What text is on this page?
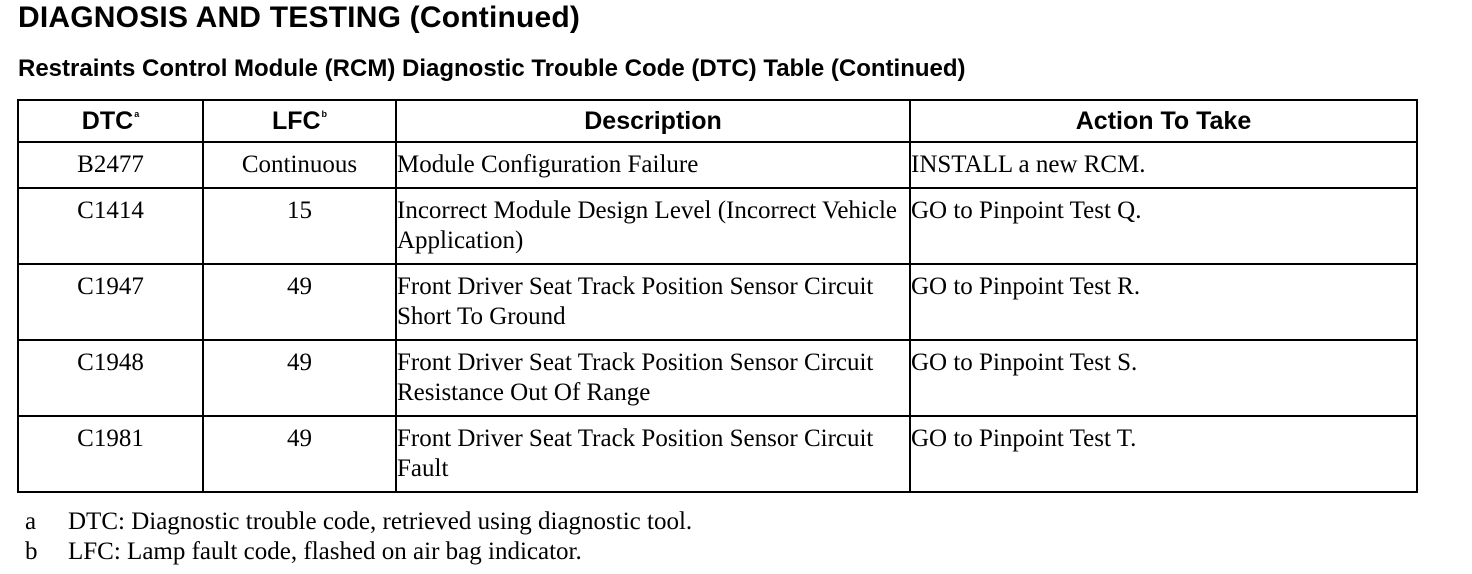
DIAGNOSIS AND TESTING (Continued)
Restraints Control Module (RCM) Diagnostic Trouble Code (DTC) Table (Continued)
DTC$^a$	LFC$^b$	Description	Action To Take
B2477	Continuous	Module Configuration Failure	INSTALL a new RCM.
C1414	15	Incorrect Module Design Level (Incorrect Vehicle Application)	GO to Pinpoint Test Q.
C1947	49	Front Driver Seat Track Position Sensor Circuit Short To Ground	GO to Pinpoint Test R.
C1948	49	Front Driver Seat Track Position Sensor Circuit Resistance Out Of Range	GO to Pinpoint Test S.
C1981	49	Front Driver Seat Track Position Sensor Circuit Fault	GO to Pinpoint Test T.
a	DTC: Diagnostic trouble code, retrieved using diagnostic tool.
b	LFC: Lamp fault code, flashed on air bag indicator.
